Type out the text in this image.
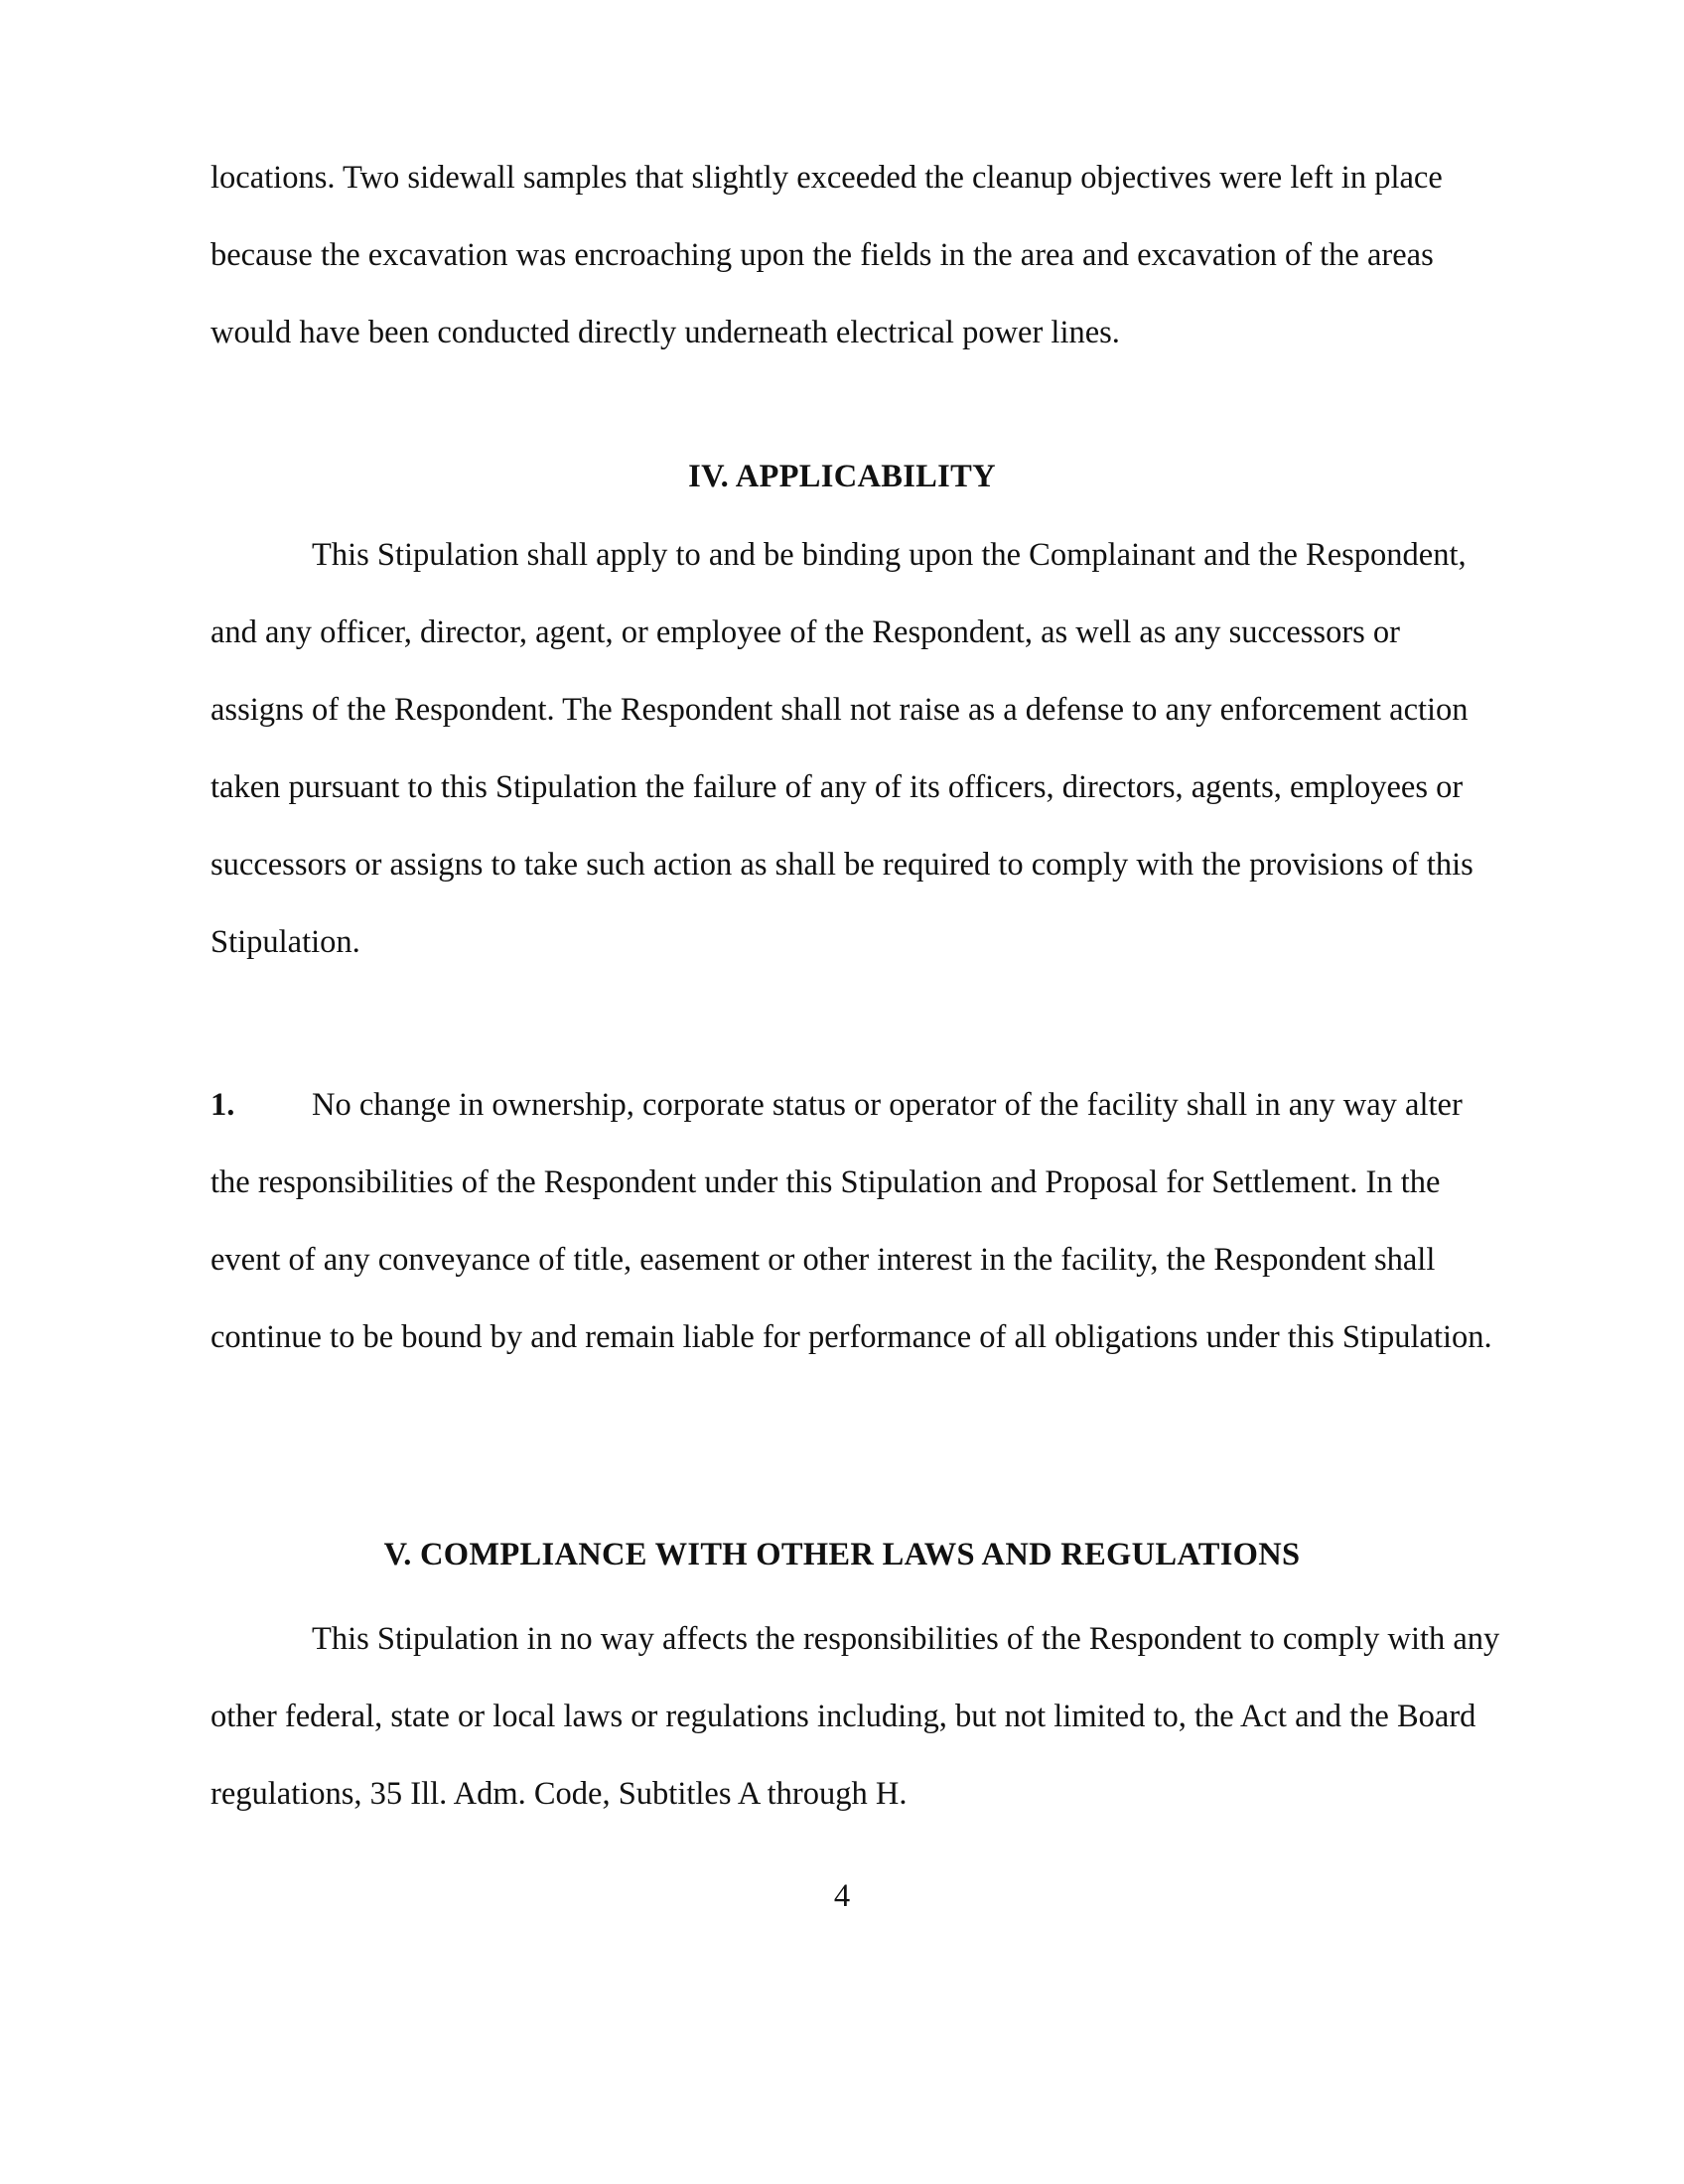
locations. Two sidewall samples that slightly exceeded the cleanup objectives were left in place because the excavation was encroaching upon the fields in the area and excavation of the areas would have been conducted directly underneath electrical power lines.

IV. APPLICABILITY

This Stipulation shall apply to and be binding upon the Complainant and the Respondent, and any officer, director, agent, or employee of the Respondent, as well as any successors or assigns of the Respondent. The Respondent shall not raise as a defense to any enforcement action taken pursuant to this Stipulation the failure of any of its officers, directors, agents, employees or successors or assigns to take such action as shall be required to comply with the provisions of this Stipulation.

1. No change in ownership, corporate status or operator of the facility shall in any way alter the responsibilities of the Respondent under this Stipulation and Proposal for Settlement. In the event of any conveyance of title, easement or other interest in the facility, the Respondent shall continue to be bound by and remain liable for performance of all obligations under this Stipulation.

V. COMPLIANCE WITH OTHER LAWS AND REGULATIONS

This Stipulation in no way affects the responsibilities of the Respondent to comply with any other federal, state or local laws or regulations including, but not limited to, the Act and the Board regulations, 35 Ill. Adm. Code, Subtitles A through H.

4
